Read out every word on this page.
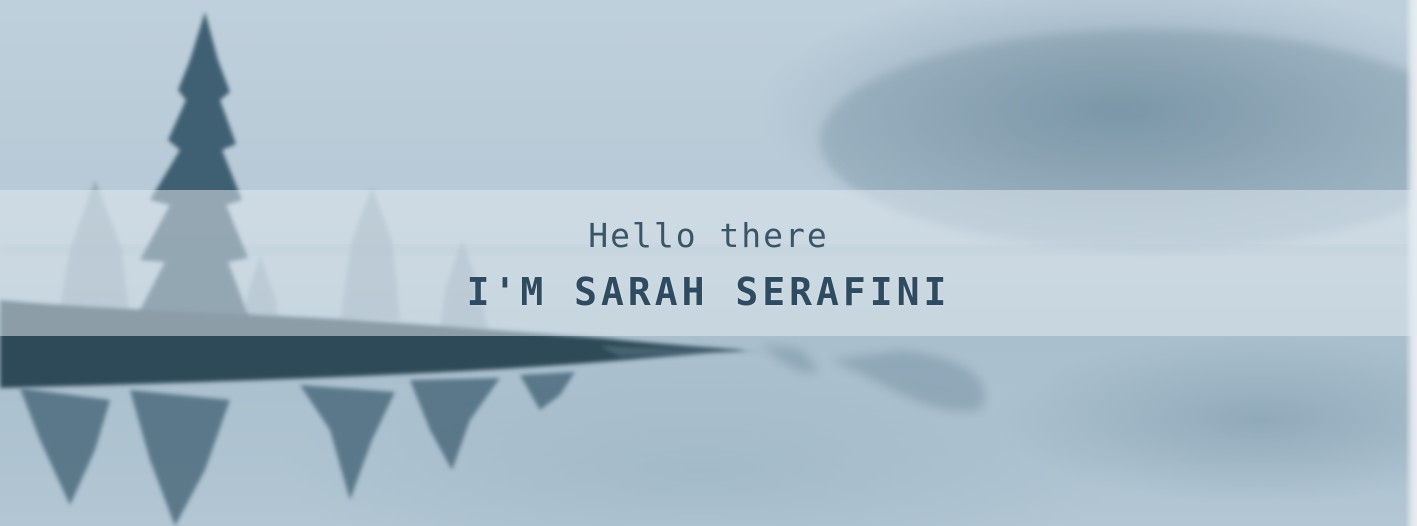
Hello there
I'M SARAH SERAFINI
